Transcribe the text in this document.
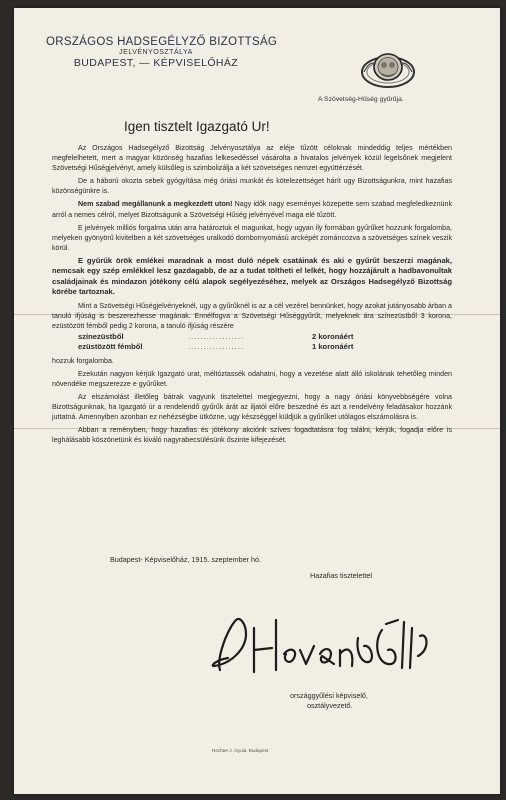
ORSZÁGOS HADSEGÉLYZŐ BIZOTTSÁG
JELVÉNYOSZTÁLYA
BUDAPEST, — KÉPVISELŐHÁZ
A Szövetség-Hűség gyűrűja.
Igen tisztelt Igazgató Ur!

Az Országos Hadsegélyző Bizottság Jelvényosztálya az eléje tűzött céloknak mindeddig teljes mértékben megfelelhetett, mert a magyar közönség hazafias lelkesedéssel vásárolta a hivatalos jelvények közül legelsőnek megjelent Szövetségi Hűségjelvényt, amely külsőleg is szimbolizálja a két szövetséges nemzet együttérzését.

De a háború okozta sebek gyógyítása még óriási munkát és kötelezettséget hárít ugy Bizottságunkra, mint hazafias közönségünkre is.

Nem szabad megállanunk a megkezdett uton! Nagy idők nagy eseményei közepette sem szabad megfeledkeznünk arról a nemes célról, melyet Bizottságunk a Szövetségi Hűség jelvényével maga elé tűzött.

E jelvények milliós forgalma után arra határoztuk el magunkat, hogy ugyan ily formában gyűrűket hozzunk forgalomba, melyeken gyönyörű kivitelben a két szövetséges uralkodó dombornyomású arcképét zománcozva a szövetséges színek veszik körül.

E gyűrűk örök emlékei maradnak a most duló népek csatáinak és aki e gyűrűt beszerzi magának, nemcsak egy szép emlékkel lesz gazdagabb, de az a tudat töltheti el lelkét, hogy hozzájárult a hadbavonultak családjainak és mindazon jótékony célú alapok segélyezéséhez, melyek az Országos Hadsegélyző Bizottság körébe tartoznak.

Mint a Szövetségi Hűségjelvényeknél, ugy a gyűrűknél is az a cél vezérel bennünket, hogy azokat jutányosabb árban a tanuló ifjúság is beszerezhesse magának. Ennélfogva a Szövetségi Hűséggyűrűt, melyeknek ára színezüstből 3 korona, ezüstözött fémből pedig 2 korona, a tanuló ifjúság részére

színezüstből	..................	2 koronáért
ezüstözött fémből	..................	1 koronáért

hozzuk forgalomba.

Ezekután nagyon kérjük Igazgató urat, méltóztassék odahatni, hogy a vezetése alatt álló iskolának tehetőleg minden növendéke megszerezze e gyűrűket.

Az elszámolást illetőleg bátrak vagyunk tisztelettel megjegyezni, hogy a nagy óriási könyvebbségére volna Bizottságunknak, ha Igazgató úr a rendelendő gyűrűk árát az iljatól előre beszedné és azt a rendelvény feladásakor hozzánk juttatná. Amennyiben azonban ez nehézségbe ütközne, ugy készséggel küldjük a gyűrűket utólagos elszámolásra is.

Abban a reményben, hogy hazafias és jótékony akciónk szíves fogadtatásra fog találni, kérjük, fogadja előre is leghálásabb köszönetünk és kiváló nagyrabecsülésünk őszinte kifejezését.

Budapest- Képviselőház, 1915. szeptember hó.
Hazafias tisztelettel
országgyűlési képviselő,
osztályvezető.
Röchter J. Gyula. Budapest
